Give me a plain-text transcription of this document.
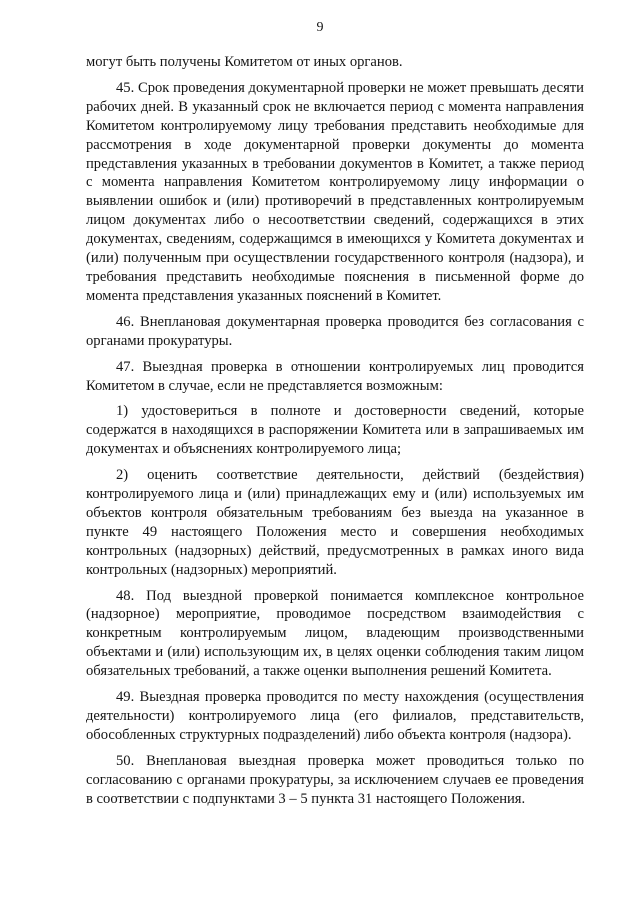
9

могут быть получены Комитетом от иных органов.

45. Срок проведения документарной проверки не может превышать десяти рабочих дней. В указанный срок не включается период с момента направления Комитетом контролируемому лицу требования представить необходимые для рассмотрения в ходе документарной проверки документы до момента представления указанных в требовании документов в Комитет, а также период с момента направления Комитетом контролируемому лицу информации о выявлении ошибок и (или) противоречий в представленных контролируемым лицом документах либо о несоответствии сведений, содержащихся в этих документах, сведениям, содержащимся в имеющихся у Комитета документах и (или) полученным при осуществлении государственного контроля (надзора), и требования представить необходимые пояснения в письменной форме до момента представления указанных пояснений в Комитет.

46. Внеплановая документарная проверка проводится без согласования с органами прокуратуры.

47. Выездная проверка в отношении контролируемых лиц проводится Комитетом в случае, если не представляется возможным:

1) удостовериться в полноте и достоверности сведений, которые содержатся в находящихся в распоряжении Комитета или в запрашиваемых им документах и объяснениях контролируемого лица;

2) оценить соответствие деятельности, действий (бездействия) контролируемого лица и (или) принадлежащих ему и (или) используемых им объектов контроля обязательным требованиям без выезда на указанное в пункте 49 настоящего Положения место и совершения необходимых контрольных (надзорных) действий, предусмотренных в рамках иного вида контрольных (надзорных) мероприятий.

48. Под выездной проверкой понимается комплексное контрольное (надзорное) мероприятие, проводимое посредством взаимодействия с конкретным контролируемым лицом, владеющим производственными объектами и (или) использующим их, в целях оценки соблюдения таким лицом обязательных требований, а также оценки выполнения решений Комитета.

49. Выездная проверка проводится по месту нахождения (осуществления деятельности) контролируемого лица (его филиалов, представительств, обособленных структурных подразделений) либо объекта контроля (надзора).

50. Внеплановая выездная проверка может проводиться только по согласованию с органами прокуратуры, за исключением случаев ее проведения в соответствии с подпунктами 3 – 5 пункта 31 настоящего Положения.
